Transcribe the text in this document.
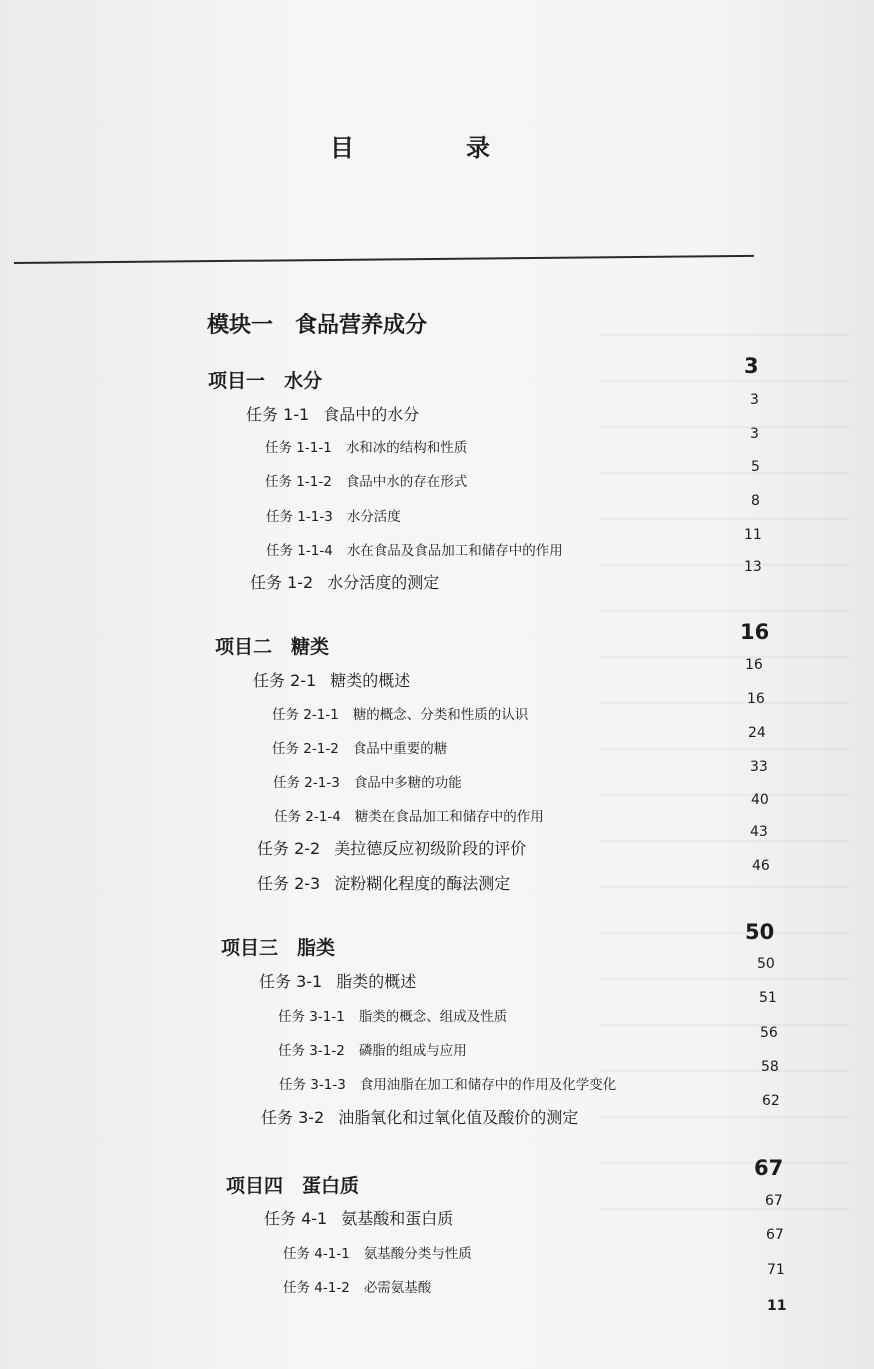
目　录
模块一　食品营养成分
项目一　水分
3
任务 1-1 食品中的水分
3
任务 1-1-1 水和冰的结构和性质
3
任务 1-1-2 食品中水的存在形式
5
任务 1-1-3 水分活度
8
任务 1-1-4 水在食品及食品加工和储存中的作用
11
任务 1-2 水分活度的测定
13
项目二　糖类
16
任务 2-1 糖类的概述
16
任务 2-1-1 糖的概念、分类和性质的认识
16
任务 2-1-2 食品中重要的糖
24
任务 2-1-3 食品中多糖的功能
33
任务 2-1-4 糖类在食品加工和储存中的作用
40
任务 2-2 美拉德反应初级阶段的评价
43
任务 2-3 淀粉糊化程度的酶法测定
46
项目三　脂类
50
任务 3-1 脂类的概述
50
任务 3-1-1 脂类的概念、组成及性质
51
任务 3-1-2 磷脂的组成与应用
56
任务 3-1-3 食用油脂在加工和储存中的作用及化学变化
58
任务 3-2 油脂氧化和过氧化值及酸价的测定
62
项目四　蛋白质
67
任务 4-1 氨基酸和蛋白质
67
任务 4-1-1 氨基酸分类与性质
67
任务 4-1-2 必需氨基酸
71
11
